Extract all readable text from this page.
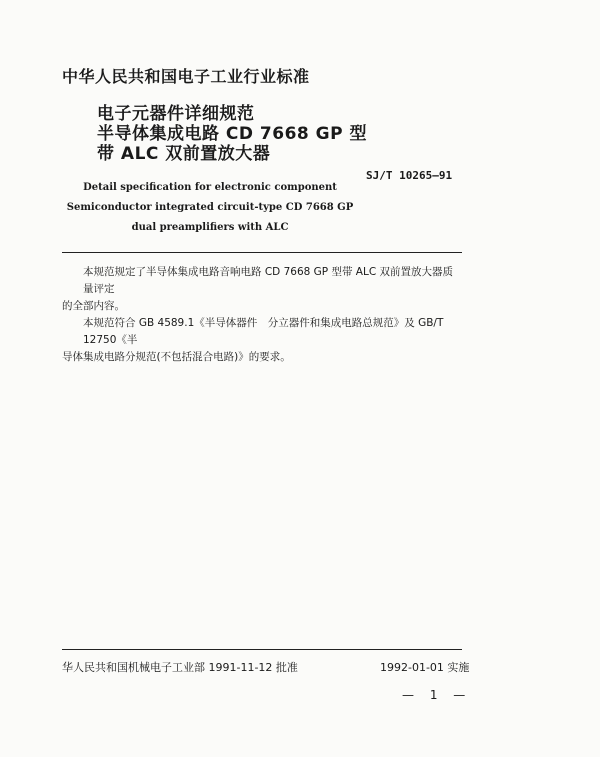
中华人民共和国电子工业行业标准
电子元器件详细规范
半导体集成电路 CD 7668 GP 型
带 ALC 双前置放大器
SJ/T 10265—91
Detail specification for electronic component
Semiconductor integrated circuit-type CD 7668 GP
dual preamplifiers with ALC

本规范规定了半导体集成电路音响电路 CD 7668 GP 型带 ALC 双前置放大器质量评定
的全部内容。

本规范符合 GB 4589.1《半导体器件　分立器件和集成电路总规范》及 GB/T 12750《半
导体集成电路分规范(不包括混合电路)》的要求。

华人民共和国机械电子工业部 1991-11-12 批准	1992-01-01 实施
— 1 —
